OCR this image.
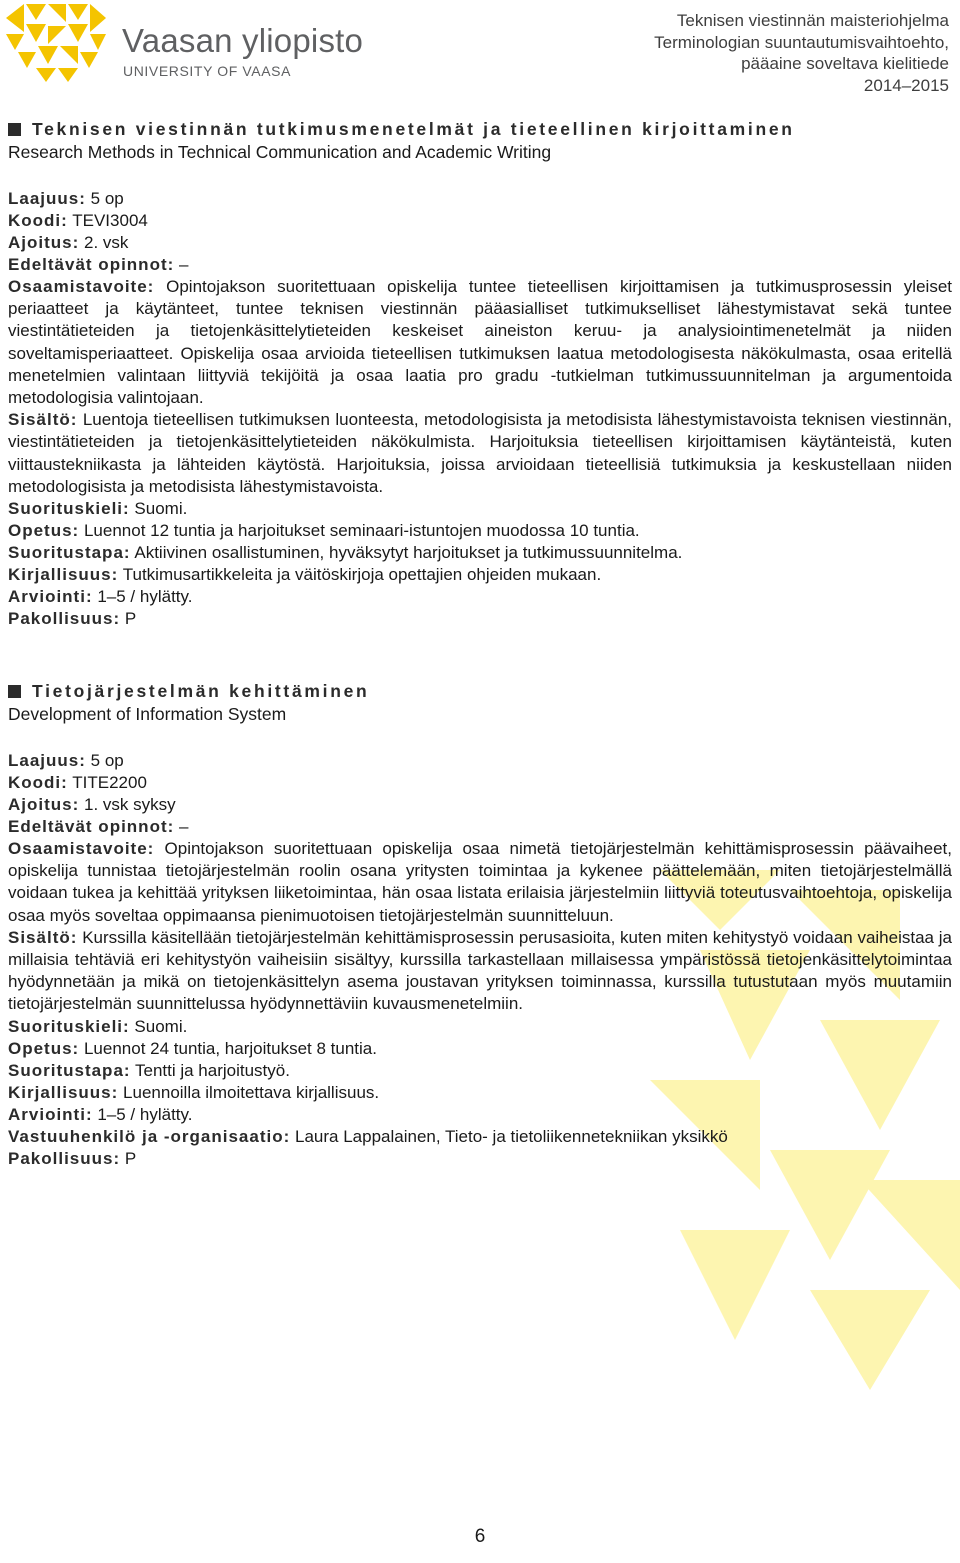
Vaasan yliopisto
UNIVERSITY OF VAASA
Teknisen viestinnän maisteriohjelma
Terminologian suuntautumisvaihtoehto,
pääaine soveltava kielitiede
2014–2015
Teknisen viestinnän tutkimusmenetelmät ja tieteellinen kirjoittaminen
Research Methods in Technical Communication and Academic Writing
Laajuus: 5 op
Koodi: TEVI3004
Ajoitus: 2. vsk
Edeltävät opinnot: –
Osaamistavoite: Opintojakson suoritettuaan opiskelija tuntee tieteellisen kirjoittamisen ja tutkimusprosessin yleiset periaatteet ja käytänteet, tuntee teknisen viestinnän pääasialliset tutkimukselliset lähestymistavat sekä tuntee viestintätieteiden ja tietojenkäsittelytieteiden keskeiset aineiston keruu- ja analysiointimenetelmät ja niiden soveltamisperiaatteet. Opiskelija osaa arvioida tieteellisen tutkimuksen laatua metodologisesta näkökulmasta, osaa eritellä menetelmien valintaan liittyviä tekijöitä ja osaa laatia pro gradu -tutkielman tutkimussuunnitelman ja argumentoida metodologisia valintojaan.
Sisältö: Luentoja tieteellisen tutkimuksen luonteesta, metodologisista ja metodisista lähestymistavoista teknisen viestinnän, viestintätieteiden ja tietojenkäsittelytieteiden näkökulmista. Harjoituksia tieteellisen kirjoittamisen käytänteistä, kuten viittaustekniikasta ja lähteiden käytöstä. Harjoituksia, joissa arvioidaan tieteellisiä tutkimuksia ja keskustellaan niiden metodologisista ja metodisista lähestymistavoista.
Suorituskieli: Suomi.
Opetus: Luennot 12 tuntia ja harjoitukset seminaari-istuntojen muodossa 10 tuntia.
Suoritustapa: Aktiivinen osallistuminen, hyväksytyt harjoitukset ja tutkimussuunnitelma.
Kirjallisuus: Tutkimusartikkeleita ja väitöskirjoja opettajien ohjeiden mukaan.
Arviointi: 1–5 / hylätty.
Pakollisuus: P
Tietojärjestelmän kehittäminen
Development of Information System
Laajuus: 5 op
Koodi: TITE2200
Ajoitus: 1. vsk syksy
Edeltävät opinnot: –
Osaamistavoite: Opintojakson suoritettuaan opiskelija osaa nimetä tietojärjestelmän kehittämisprosessin päävaiheet, opiskelija tunnistaa tietojärjestelmän roolin osana yritysten toimintaa ja kykenee päättelemään, miten tietojärjestelmällä voidaan tukea ja kehittää yrityksen liiketoimintaa, hän osaa listata erilaisia järjestelmiin liittyviä toteutusvaihtoehtoja, opiskelija osaa myös soveltaa oppimaansa pienimuotoisen tietojärjestelmän suunnitteluun.
Sisältö: Kurssilla käsitellään tietojärjestelmän kehittämisprosessin perusasioita, kuten miten kehitystyö voidaan vaiheistaa ja millaisia tehtäviä eri kehitystyön vaiheisiin sisältyy, kurssilla tarkastellaan millaisessa ympäristössä tietojenkäsittelytoimintaa hyödynnetään ja mikä on tietojenkäsittelyn asema joustavan yrityksen toiminnassa, kurssilla tutustutaan myös muutamiin tietojärjestelmän suunnittelussa hyödynnettäviin kuvausmenetelmiin.
Suorituskieli: Suomi.
Opetus: Luennot 24 tuntia, harjoitukset 8 tuntia.
Suoritustapa: Tentti ja harjoitustyö.
Kirjallisuus: Luennoilla ilmoitettava kirjallisuus.
Arviointi: 1–5 / hylätty.
Vastuuhenkilö ja -organisaatio: Laura Lappalainen, Tieto- ja tietoliikennetekniikan yksikkö
Pakollisuus: P
6
